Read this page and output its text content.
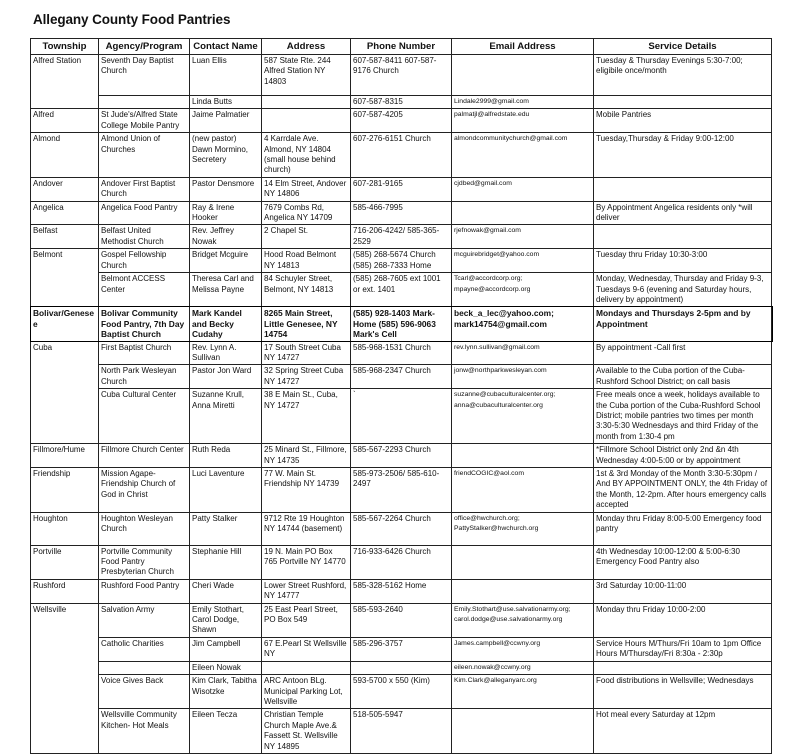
Allegany County Food Pantries
Township	Agency/Program	Contact Name	Address	Phone Number	Email Address	Service Details
Alfred Station	Seventh Day Baptist Church	Luan Ellis	587 State Rte. 244 Alfred Station NY 14803	607-587-8411 607-587-9176 Church		Tuesday & Thursday Evenings 5:30-7:00; eligibile once/month
		Linda Butts		607-587-8315	Lindale2999@gmail.com	
Alfred	St Jude's/Alfred State College Mobile Pantry	Jaime Palmatier		607-587-4205	palmatjl@alfredstate.edu	Mobile Pantries
Almond	Almond Union of Churches	(new pastor) Dawn Mormino, Secretery	4 Karrdale Ave. Almond, NY 14804 (small house behind church)	607-276-6151 Church	almondcommunitychurch@gmail.com	Tuesday,Thursday & Friday 9:00-12:00
Andover	Andover First Baptist Church	Pastor Densmore	14 Elm Street, Andover NY 14806	607-281-9165	cjdbed@gmail.com	
Angelica	Angelica Food Pantry	Ray & Irene Hooker	7679 Combs Rd, Angelica NY 14709	585-466-7995		By Appointment Angelica residents only *will deliver
Belfast	Belfast United Methodist Church	Rev. Jeffrey Nowak	2 Chapel St.	716-206-4242/ 585-365-2529	rjefnowak@gmail.com	
Belmont	Gospel Fellowship Church	Bridget Mcguire	Hood Road Belmont NY 14813	(585) 268-5674 Church (585) 268-7333 Home	mcguirebridget@yahoo.com	Tuesday thru Friday 10:30-3:00
	Belmont ACCESS Center	Theresa Carl and Melissa Payne	84 Schuyler Street, Belmont, NY 14813	(585) 268-7605 ext 1001 or ext. 1401	Tcarl@accordcorp.org; mpayne@accordcorp.org	Monday, Wednesday, Thursday and Friday 9-3, Tuesdays 9-6 (evening and Saturday hours, delivery by appointment)
Bolivar/Genesee	Bolivar Community Food Pantry, 7th Day Baptist Church	Mark Kandel and Becky Cudahy	8265 Main Street, Little Genesee, NY 14754	(585) 928-1403 Mark- Home (585) 596-9063 Mark's Cell	beck_a_lec@yahoo.com; mark14754@gmail.com	Mondays and Thursdays 2-5pm and by Appointment
Cuba	First Baptist Church	Rev. Lynn A. Sullivan	17 South Street Cuba NY 14727	585-968-1531 Church	rev.lynn.sullivan@gmail.com	By appointment -Call first
	North Park Wesleyan Church	Pastor Jon Ward	32 Spring Street Cuba NY 14727	585-968-2347 Church	jonw@northparkwesleyan.com	Available to the Cuba portion of the Cuba-Rushford School District; on call basis
	Cuba Cultural Center	Suzanne Krull, Anna Miretti	38 E Main St., Cuba, NY 14727	`	suzanne@cubaculturalcenter.org; anna@cubaculturalcenter.org	Free meals once a week, holidays available to the Cuba portion of the Cuba-Rushford School District; mobile pantries two times per month 3:30-5:30 Wednesdays and third Friday of the month from 1:30-4 pm
Fillmore/Hume	Fillmore Church Center	Ruth Reda	25 Minard St., Fillmore, NY 14735	585-567-2293 Church		*Fillmore School District only 2nd &n 4th Wednesday 4:00-5:00 or by appointment
Friendship	Mission Agape- Friendship Church of God in Christ	Luci Laventure	77 W. Main St. Friendship NY 14739	585-973-2506/ 585-610-2497	friendCOGIC@aol.com	1st & 3rd Monday of the Month 3:30-5:30pm / And BY APPOINTMENT ONLY, the 4th Friday of the Month, 12-2pm. After hours emergency calls accepted
Houghton	Houghton Wesleyan Church	Patty Stalker	9712 Rte 19 Houghton NY 14744 (basement)	585-567-2264 Church	office@hwchurch.org; PattyStalker@hwchurch.org	Monday thru Friday 8:00-5:00 Emergency food pantry
Portville	Portville Community Food Pantry Presbyterian Church	Stephanie Hill	19 N. Main PO Box 765 Portville NY 14770	716-933-6426 Church		4th Wednesday 10:00-12:00 & 5:00-6:30 Emergency Food Pantry also
Rushford	Rushford Food Pantry	Cheri Wade	Lower Street Rushford, NY 14777	585-328-5162 Home		3rd Saturday 10:00-11:00
Wellsville	Salvation Army	Emily Stothart, Carol Dodge, Shawn	25 East Pearl Street, PO Box 549	585-593-2640	Emily.Stothart@use.salvationarmy.org; carol.dodge@use.salvationarmy.org	Monday thru Friday 10:00-2:00
	Catholic Charities	Jim Campbell	67 E.Pearl St Wellsville NY	585-296-3757	James.campbell@ccwny.org	Service Hours M/Thurs/Fri 10am to 1pm Office Hours M/Thursday/Fri 8:30a - 2:30p
		Eileen Nowak			eileen.nowak@ccwny.org	
	Voice Gives Back	Kim Clark, Tabitha Wisotzke	ARC Antoon BLg. Municipal Parking Lot, Wellsville	593-5700 x 550 (Kim)	Kim.Clark@alleganyarc.org	Food distributions in Wellsville; Wednesdays
	Wellsville Community Kitchen- Hot Meals	Eileen Tecza	Christian Temple Church Maple Ave.& Fassett St. Wellsville NY 14895	518-505-5947		Hot meal every Saturday at 12pm
